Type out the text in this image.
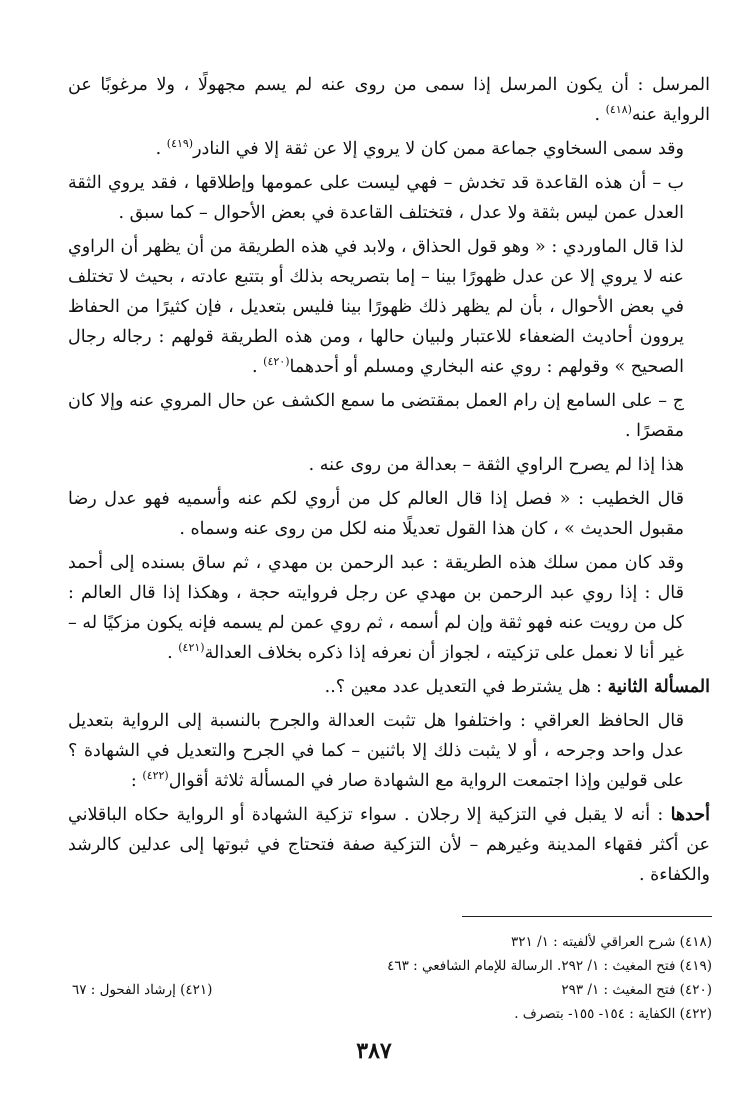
المرسل : أن يكون المرسل إذا سمى من روى عنه لم يسم مجهولًا ، ولا مرغوبًا عن الرواية عنه$^{(٤١٨)}$ .

وقد سمى السخاوي جماعة ممن كان لا يروي إلا عن ثقة إلا في النادر$^{(٤١٩)}$ .

ب – أن هذه القاعدة قد تخدش – فهي ليست على عمومها وإطلاقها ، فقد يروي الثقة العدل عمن ليس بثقة ولا عدل ، فتختلف القاعدة في بعض الأحوال – كما سبق .

لذا قال الماوردي : « وهو قول الحذاق ، ولابد في هذه الطريقة من أن يظهر أن الراوي عنه لا يروي إلا عن عدل ظهورًا بينا – إما بتصريحه بذلك أو بتتبع عادته ، بحيث لا تختلف في بعض الأحوال ، بأن لم يظهر ذلك ظهورًا بينا فليس بتعديل ، فإن كثيرًا من الحفاظ يروون أحاديث الضعفاء للاعتبار ولبيان حالها ، ومن هذه الطريقة قولهم : رجاله رجال الصحيح » وقولهم : روي عنه البخاري ومسلم أو أحدهما$^{(٤٢٠)}$ .

ج – على السامع إن رام العمل بمقتضى ما سمع الكشف عن حال المروي عنه وإلا كان مقصرًا .

هذا إذا لم يصرح الراوي الثقة – بعدالة من روى عنه .

قال الخطيب : « فصل إذا قال العالم كل من أروي لكم عنه وأسميه فهو عدل رضا مقبول الحديث » ، كان هذا القول تعديلًا منه لكل من روى عنه وسماه .

وقد كان ممن سلك هذه الطريقة : عبد الرحمن بن مهدي ، ثم ساق بسنده إلى أحمد قال : إذا روي عبد الرحمن بن مهدي عن رجل فروايته حجة ، وهكذا إذا قال العالم : كل من رويت عنه فهو ثقة وإن لم أسمه ، ثم روي عمن لم يسمه فإنه يكون مزكيًا له – غير أنا لا نعمل على تزكيته ، لجواز أن نعرفه إذا ذكره بخلاف العدالة$^{(٤٢١)}$ .

المسألة الثانية : هل يشترط في التعديل عدد معين ؟..

قال الحافظ العراقي : واختلفوا هل تثبت العدالة والجرح بالنسبة إلى الرواية بتعديل عدل واحد وجرحه ، أو لا يثبت ذلك إلا باثنين – كما في الجرح والتعديل في الشهادة ؟ على قولين وإذا اجتمعت الرواية مع الشهادة صار في المسألة ثلاثة أقوال$^{(٤٢٢)}$ :

أحدها : أنه لا يقبل في التزكية إلا رجلان . سواء تزكية الشهادة أو الرواية حكاه الباقلاني عن أكثر فقهاء المدينة وغيرهم – لأن التزكية صفة فتحتاج في ثبوتها إلى عدلين كالرشد والكفاءة .

(٤١٨) شرح العراقي لألفيته : ١/ ٣٢١
(٤١٩) فتح المغيث : ١/ ٢٩٢. الرسالة للإمام الشافعي : ٤٦٣
(٤٢٠) فتح المغيث : ١/ ٢٩٣
(٤٢١) إرشاد الفحول : ٦٧
(٤٢٢) الكفاية : ١٥٤- ١٥٥- بتصرف .
٣٨٧
